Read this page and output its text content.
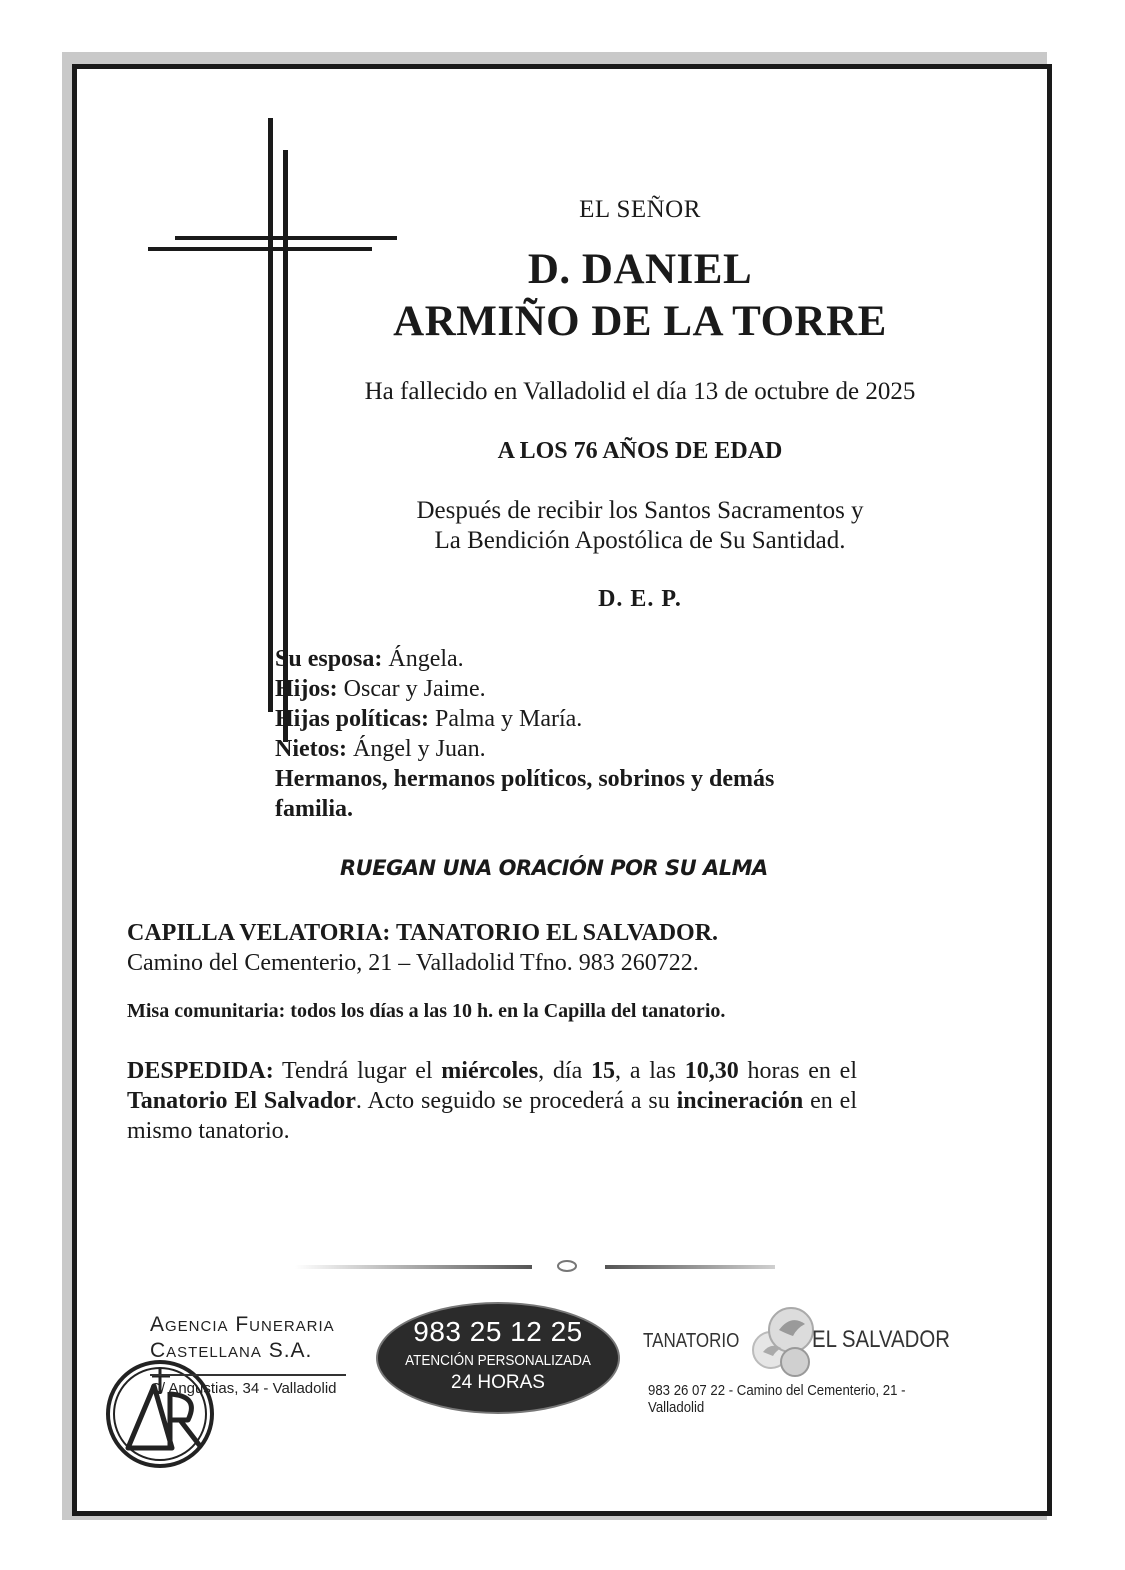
EL SEÑOR
D. DANIEL
ARMIÑO DE LA TORRE
Ha fallecido en Valladolid el día 13 de octubre de 2025
A LOS 76 AÑOS DE EDAD
Después de recibir los Santos Sacramentos y
La Bendición Apostólica de Su Santidad.
D. E. P.
Su esposa: Ángela.
Hijos: Oscar y Jaime.
Hijas políticas: Palma y María.
Nietos: Ángel y Juan.
Hermanos, hermanos políticos, sobrinos y demás familia.
RUEGAN UNA ORACIÓN POR SU ALMA
CAPILLA VELATORIA: TANATORIO EL SALVADOR.
Camino del Cementerio, 21 – Valladolid Tfno. 983 260722.
Misa comunitaria: todos los días a las 10 h. en la Capilla del tanatorio.
DESPEDIDA: Tendrá lugar el miércoles, día 15, a las 10,30 horas en el Tanatorio El Salvador. Acto seguido se procederá a su incineración en el mismo tanatorio.
Agencia Funeraria
Castellana S.A.
C/ Angustias, 34 - Valladolid
983 25 12 25
ATENCIÓN PERSONALIZADA
24 HORAS
TANATORIO	EL SALVADOR
983 26 07 22 - Camino del Cementerio, 21 - Valladolid
